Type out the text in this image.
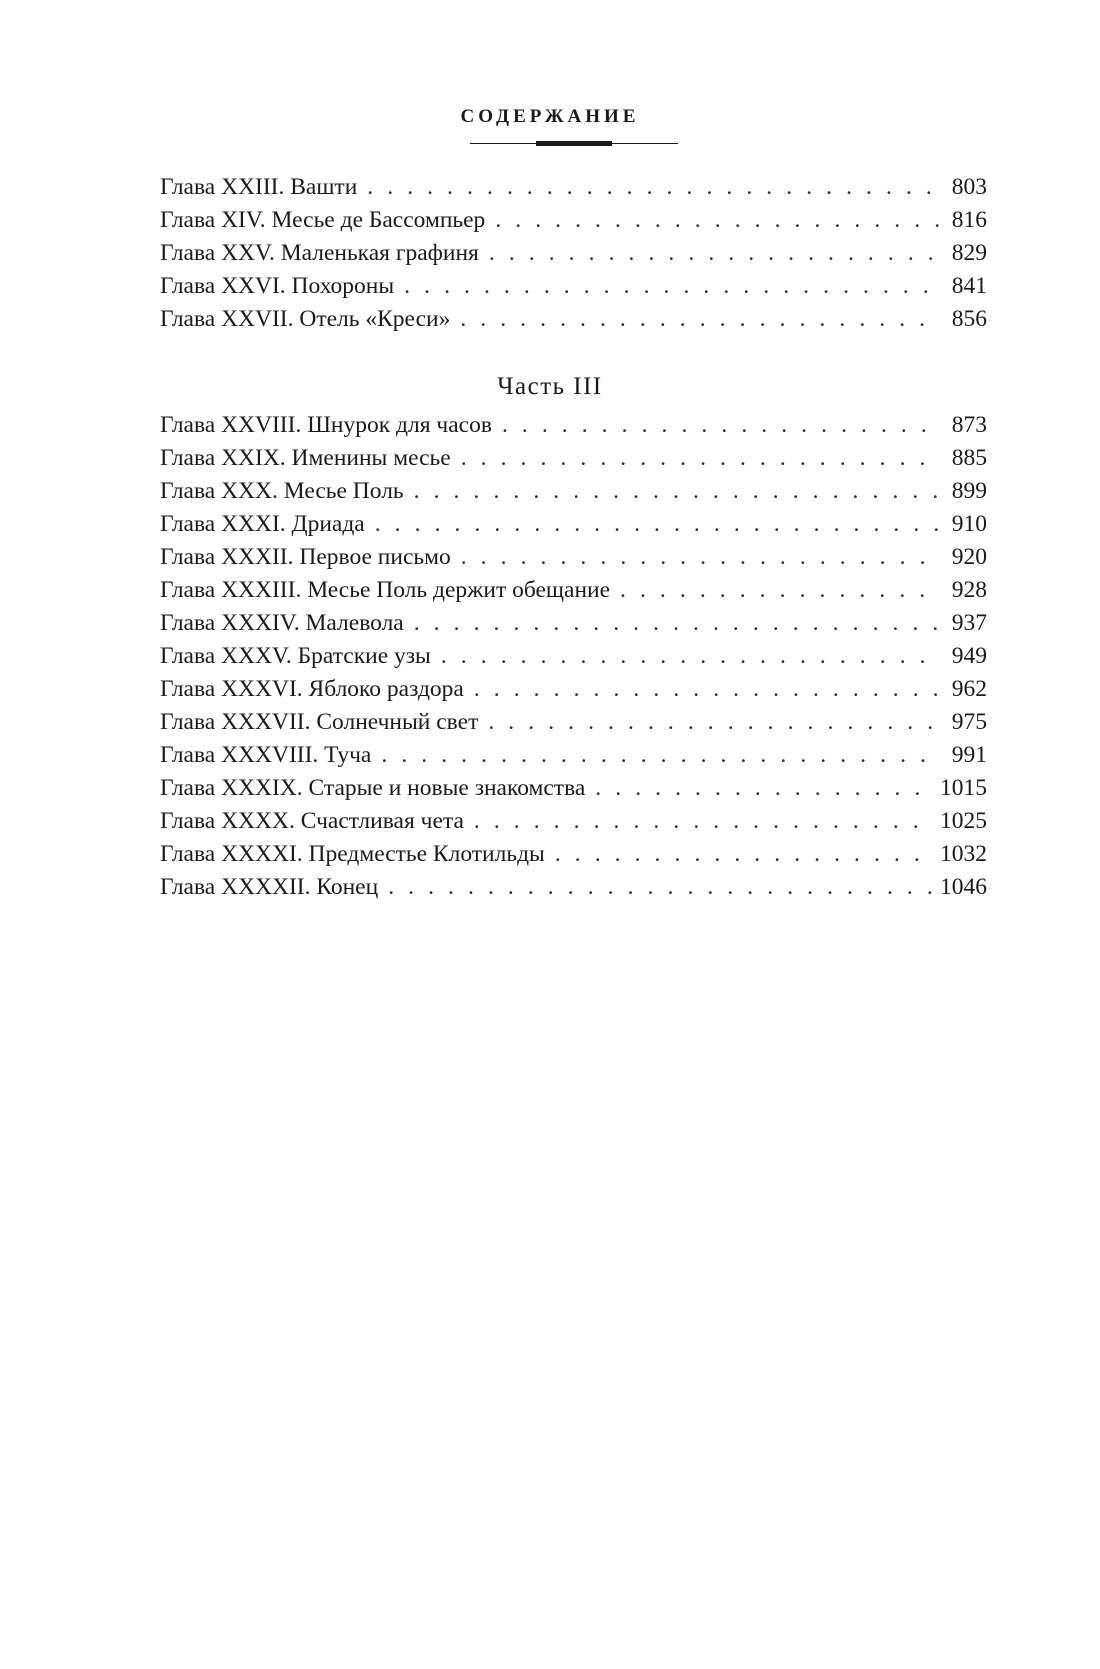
СОДЕРЖАНИЕ
Глава XXIII. Вашти . . .	803
Глава XIV. Месье де Бассомпьер . . .	816
Глава XXV. Маленькая графиня . . .	829
Глава XXVI. Похороны . . .	841
Глава XXVII. Отель «Креси» . . .	856
Часть III
Глава XXVIII. Шнурок для часов . . .	873
Глава XXIX. Именины месье . . .	885
Глава XXX. Месье Поль . . .	899
Глава XXXI. Дриада . . .	910
Глава XXXII. Первое письмо . . .	920
Глава XXXIII. Месье Поль держит обещание . . .	928
Глава XXXIV. Малевола . . .	937
Глава XXXV. Братские узы . . .	949
Глава XXXVI. Яблоко раздора . . .	962
Глава XXXVII. Солнечный свет . . .	975
Глава XXXVIII. Туча . . .	991
Глава XXXIX. Старые и новые знакомства . . .	1015
Глава XXXX. Счастливая чета . . .	1025
Глава XXXXI. Предместье Клотильды . . .	1032
Глава XXXXII. Конец . . .	1046
